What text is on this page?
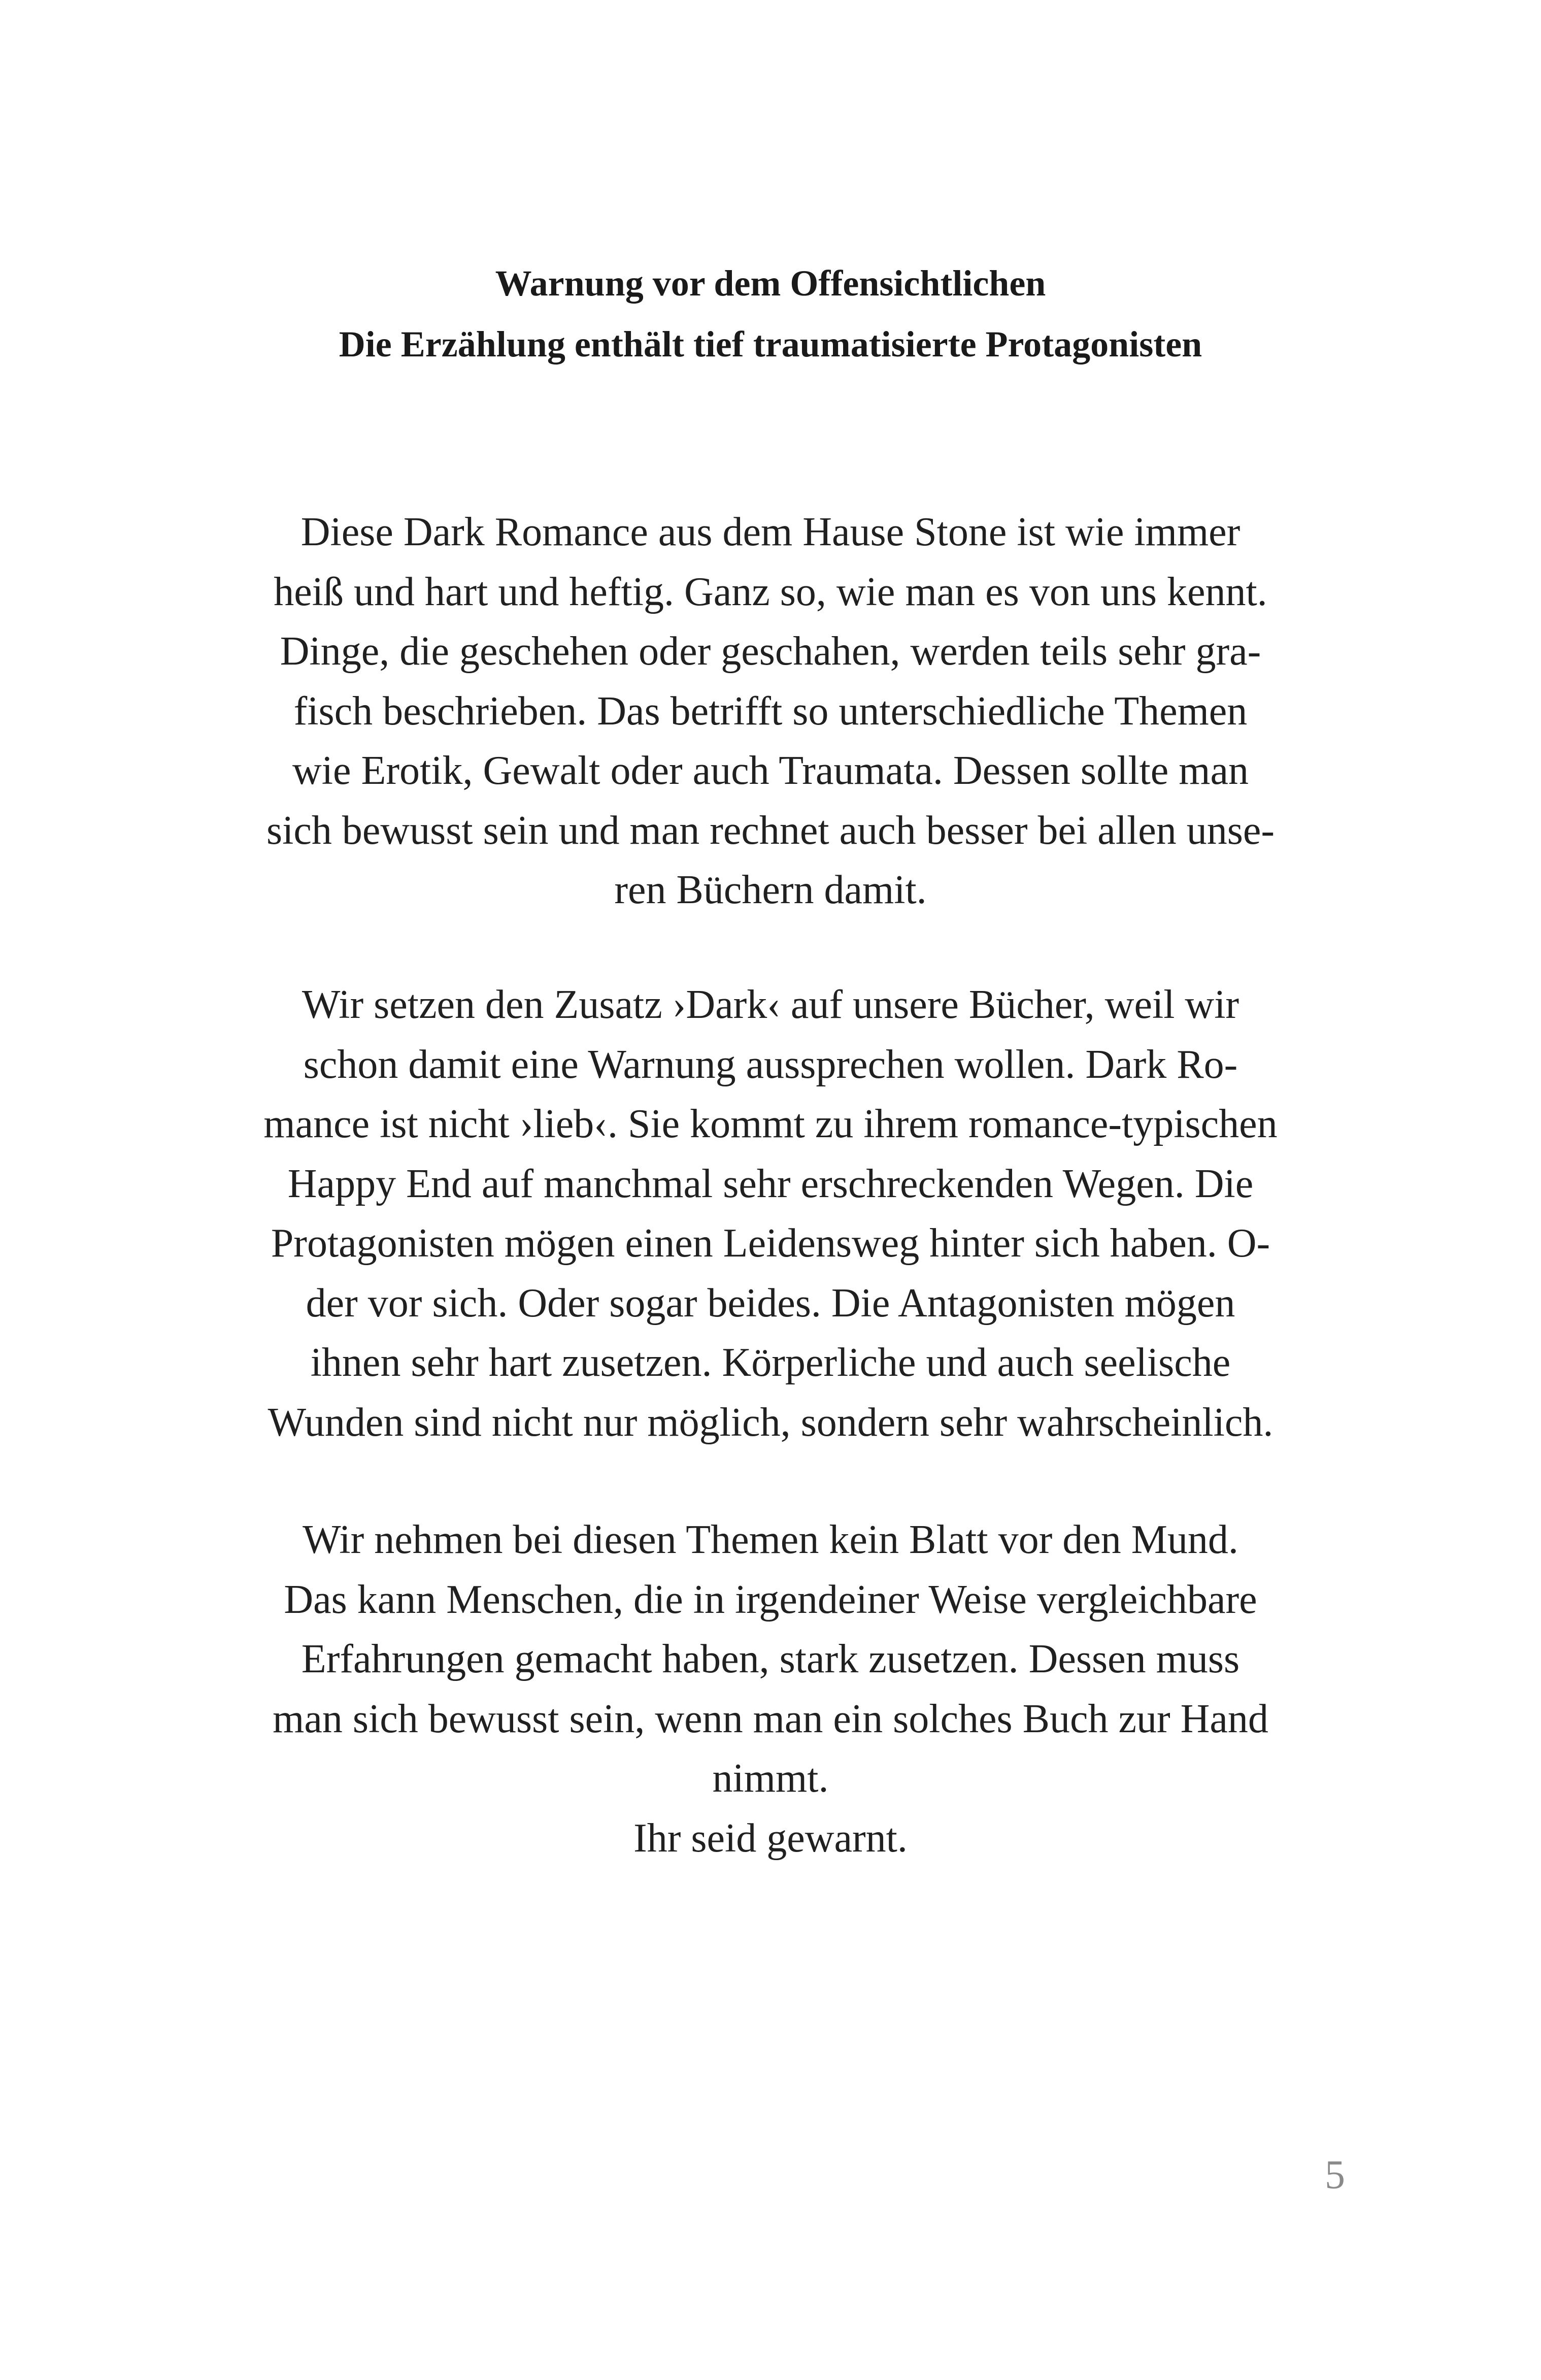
Warnung vor dem Offensichtlichen
Die Erzählung enthält tief traumatisierte Protagonisten
Diese Dark Romance aus dem Hause Stone ist wie immer
heiß und hart und heftig. Ganz so, wie man es von uns kennt.
Dinge, die geschehen oder geschahen, werden teils sehr gra-
fisch beschrieben. Das betrifft so unterschiedliche Themen
wie Erotik, Gewalt oder auch Traumata. Dessen sollte man
sich bewusst sein und man rechnet auch besser bei allen unse-
ren Büchern damit.
Wir setzen den Zusatz ›Dark‹ auf unsere Bücher, weil wir
schon damit eine Warnung aussprechen wollen. Dark Ro-
mance ist nicht ›lieb‹. Sie kommt zu ihrem romance-typischen
Happy End auf manchmal sehr erschreckenden Wegen. Die
Protagonisten mögen einen Leidensweg hinter sich haben. O-
der vor sich. Oder sogar beides. Die Antagonisten mögen
ihnen sehr hart zusetzen. Körperliche und auch seelische
Wunden sind nicht nur möglich, sondern sehr wahrscheinlich.
Wir nehmen bei diesen Themen kein Blatt vor den Mund.
Das kann Menschen, die in irgendeiner Weise vergleichbare
Erfahrungen gemacht haben, stark zusetzen. Dessen muss
man sich bewusst sein, wenn man ein solches Buch zur Hand
nimmt.
Ihr seid gewarnt.
5
